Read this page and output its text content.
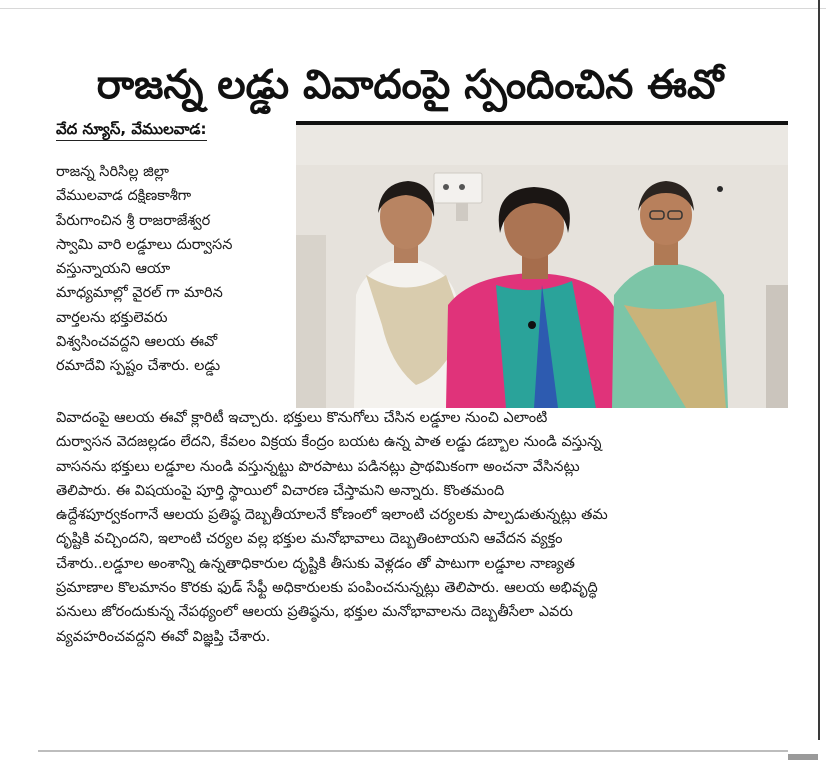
రాజన్న లడ్డు వివాదంపై స్పందించిన ఈవో
వేద న్యూస్, వేములవాడ:

రాజన్న సిరిసిల్ల జిల్లా

వేములవాడ దక్షిణకాశీగా

పేరుగాంచిన శ్రీ రాజరాజేశ్వర

స్వామి వారి లడ్డూలు దుర్వాసన

వస్తున్నాయని ఆయా

మాధ్యమాల్లో వైరల్ గా మారిన

వార్తలను భక్తులెవరు

విశ్వసించవద్దని ఆలయ ఈవో

రమాదేవి స్పష్టం చేశారు. లడ్డు

వివాదంపై ఆలయ ఈవో క్లారిటీ ఇచ్చారు. భక్తులు కొనుగోలు చేసిన లడ్డూల నుంచి ఎలాంటి

దుర్వాసన వెదజల్లడం లేదని, కేవలం విక్రయ కేంద్రం బయట ఉన్న పాత లడ్డు డబ్బాల నుండి వస్తున్న

వాసనను భక్తులు లడ్డూల నుండి వస్తున్నట్టు పొరపాటు పడినట్లు ప్రాథమికంగా అంచనా వేసినట్లు

తెలిపారు. ఈ విషయంపై పూర్తి స్థాయిలో విచారణ చేస్తామని అన్నారు. కొంతమంది

ఉద్దేశపూర్వకంగానే ఆలయ ప్రతిష్ఠ దెబ్బతీయాలనే కోణంలో ఇలాంటి చర్యలకు పాల్పడుతున్నట్లు తమ

దృష్టికి వచ్చిందని, ఇలాంటి చర్యల వల్ల భక్తుల మనోభావాలు దెబ్బతింటాయని ఆవేదన వ్యక్తం

చేశారు..లడ్డూల అంశాన్ని ఉన్నతాధికారుల దృష్టికి తీసుకు వెళ్లడం తో పాటుగా లడ్డూల నాణ్యత

ప్రమాణాల కొలమానం కొరకు ఫుడ్ సేఫ్టీ అధికారులకు పంపించనున్నట్లు తెలిపారు. ఆలయ అభివృద్ధి

పనులు జోరందుకున్న నేపథ్యంలో ఆలయ ప్రతిష్ఠను, భక్తుల మనోభావాలను దెబ్బతీసేలా ఎవరు

వ్యవహరించవద్దని ఈవో విజ్ఞప్తి చేశారు.
